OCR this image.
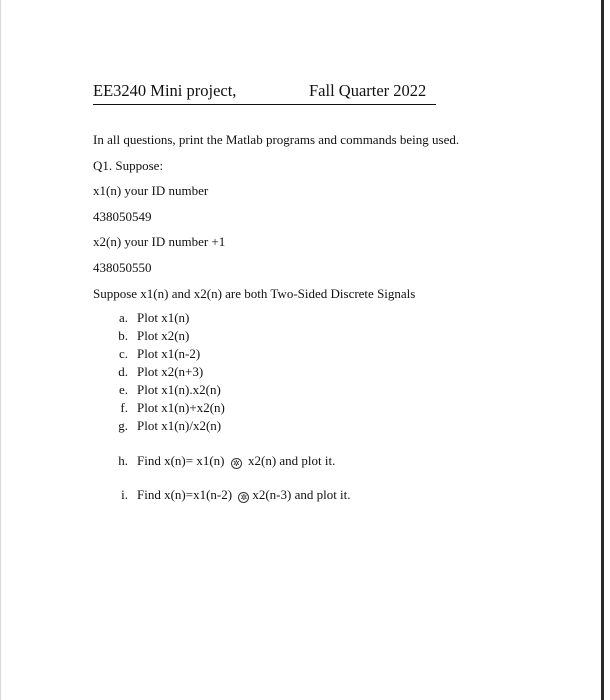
EE3240 Mini project,	Fall Quarter 2022
In all questions, print the Matlab programs and commands being used.
Q1. Suppose:
x1(n) your ID number
438050549
x2(n) your ID number +1
438050550
Suppose x1(n) and x2(n) are both Two-Sided Discrete Signals
a. Plot x1(n)
b. Plot x2(n)
c. Plot x1(n-2)
d. Plot x2(n+3)
e. Plot x1(n).x2(n)
f. Plot x1(n)+x2(n)
g. Plot x1(n)/x2(n)
h. Find x(n)= x1(n) ✲ x2(n) and plot it.
i. Find x(n)=x1(n-2) ✲ x2(n-3) and plot it.
